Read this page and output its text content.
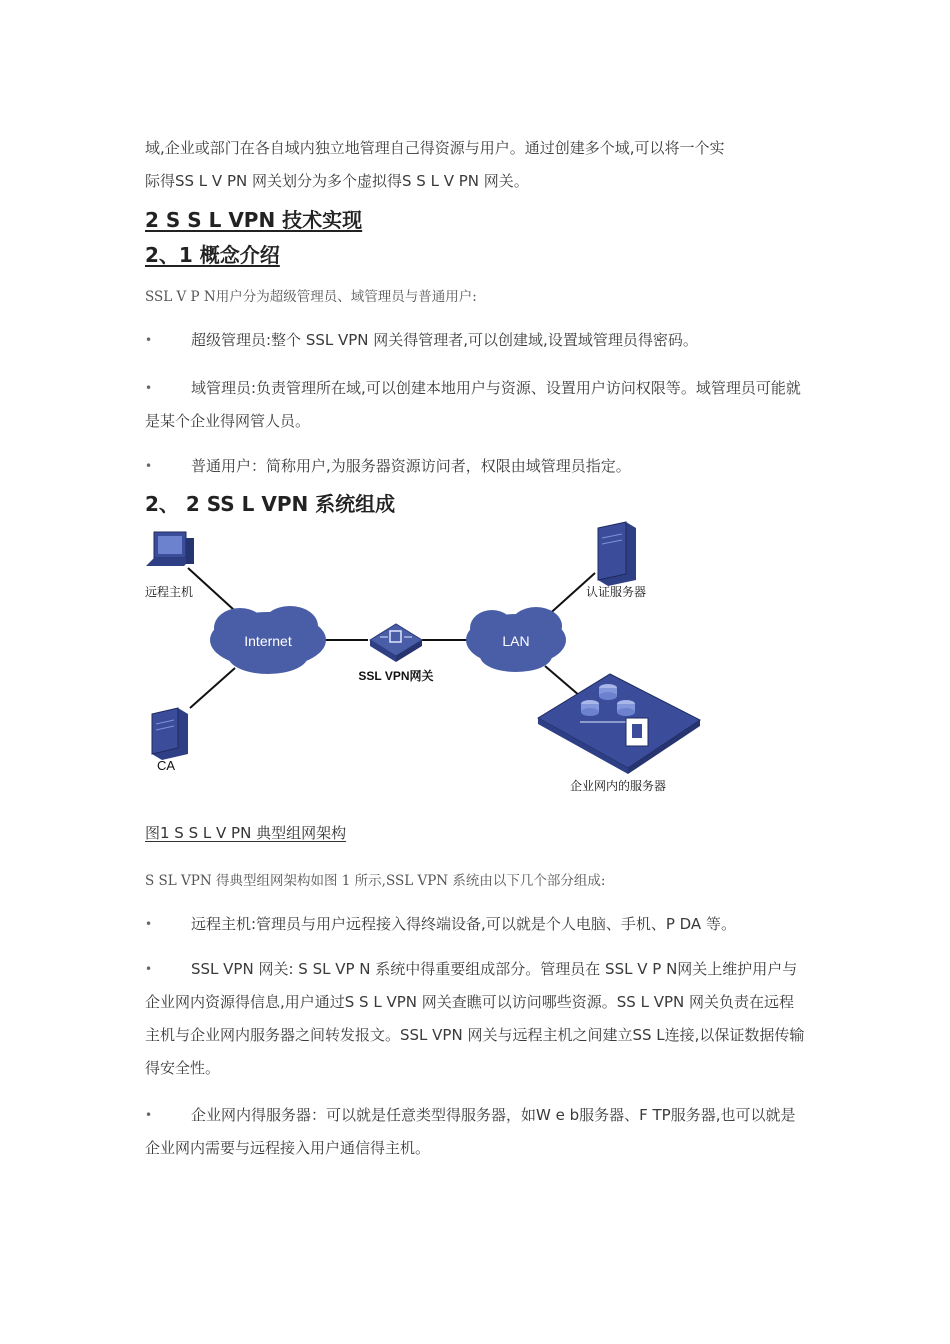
域,企业或部门在各自域内独立地管理自己得资源与用户。通过创建多个域,可以将一个实

际得SS L V PN 网关划分为多个虚拟得S S L V PN 网关。

2 S S L VPN 技术实现
2、1 概念介绍

SSL V P N用户分为超级管理员、域管理员与普通用户:

•	超级管理员:整个 SSL VPN 网关得管理者,可以创建域,设置域管理员得密码。
•	域管理员:负责管理所在域,可以创建本地用户与资源、设置用户访问权限等。域管理员可能就是某个企业得网管人员。
•	普通用户：简称用户,为服务器资源访问者，权限由域管理员指定。
2、 2 SS L VPN 系统组成
远程主机
Internet
SSL VPN网关
LAN
认证服务器
CA
企业网内的服务器
图1 S S L V PN 典型组网架构

S SL VPN 得典型组网架构如图 1 所示,SSL VPN 系统由以下几个部分组成:

•	远程主机:管理员与用户远程接入得终端设备,可以就是个人电脑、手机、P DA 等。
•	SSL VPN 网关: S SL VP N 系统中得重要组成部分。管理员在 SSL V P N网关上维护用户与企业网内资源得信息,用户通过S S L VPN 网关查瞧可以访问哪些资源。SS L VPN 网关负责在远程主机与企业网内服务器之间转发报文。SSL VPN 网关与远程主机之间建立SS L连接,以保证数据传输得安全性。
•	企业网内得服务器：可以就是任意类型得服务器，如W e b服务器、F TP服务器,也可以就是企业网内需要与远程接入用户通信得主机。
